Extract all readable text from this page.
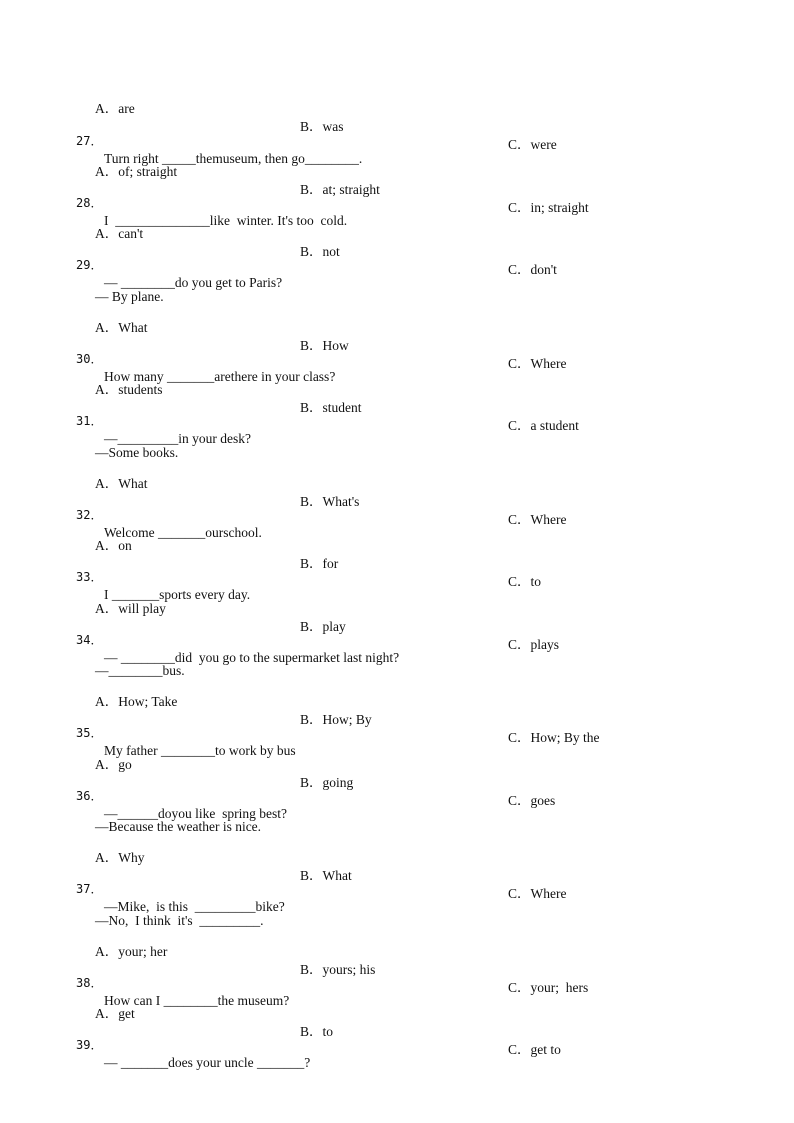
A．are

B．was

C．were

27．

Turn right _____themuseum, then go________.

A．of; straight

B．at; straight

C．in; straight

28．

I  ______________like  winter. It's too  cold.

A．can't

B．not

C．don't

29．

— ________do you get to Paris?

— By plane.

A．What

B．How

C．Where

30．

How many _______arethere in your class?

A．students

B．student

C．a student

31．

—_________in your desk?

—Some books.

A．What

B．What's

C．Where

32．

Welcome _______ourschool.

A．on

B．for

C．to

33．

I _______sports every day.

A．will play

B．play

C．plays

34．

— ________did  you go to the supermarket last night?

—________bus.

A．How; Take

B．How; By

C．How; By the

35．

My father ________to work by bus

A．go

B．going

C．goes

36．

—______doyou like  spring best?

—Because the weather is nice.

A．Why

B．What

C．Where

37．

—Mike,  is this  _________bike?

—No,  I think  it's  _________.

A．your; her

B．yours; his

C．your;  hers

38．

How can I ________the museum?

A．get

B．to

C．get to

39．

— _______does your uncle _______?
